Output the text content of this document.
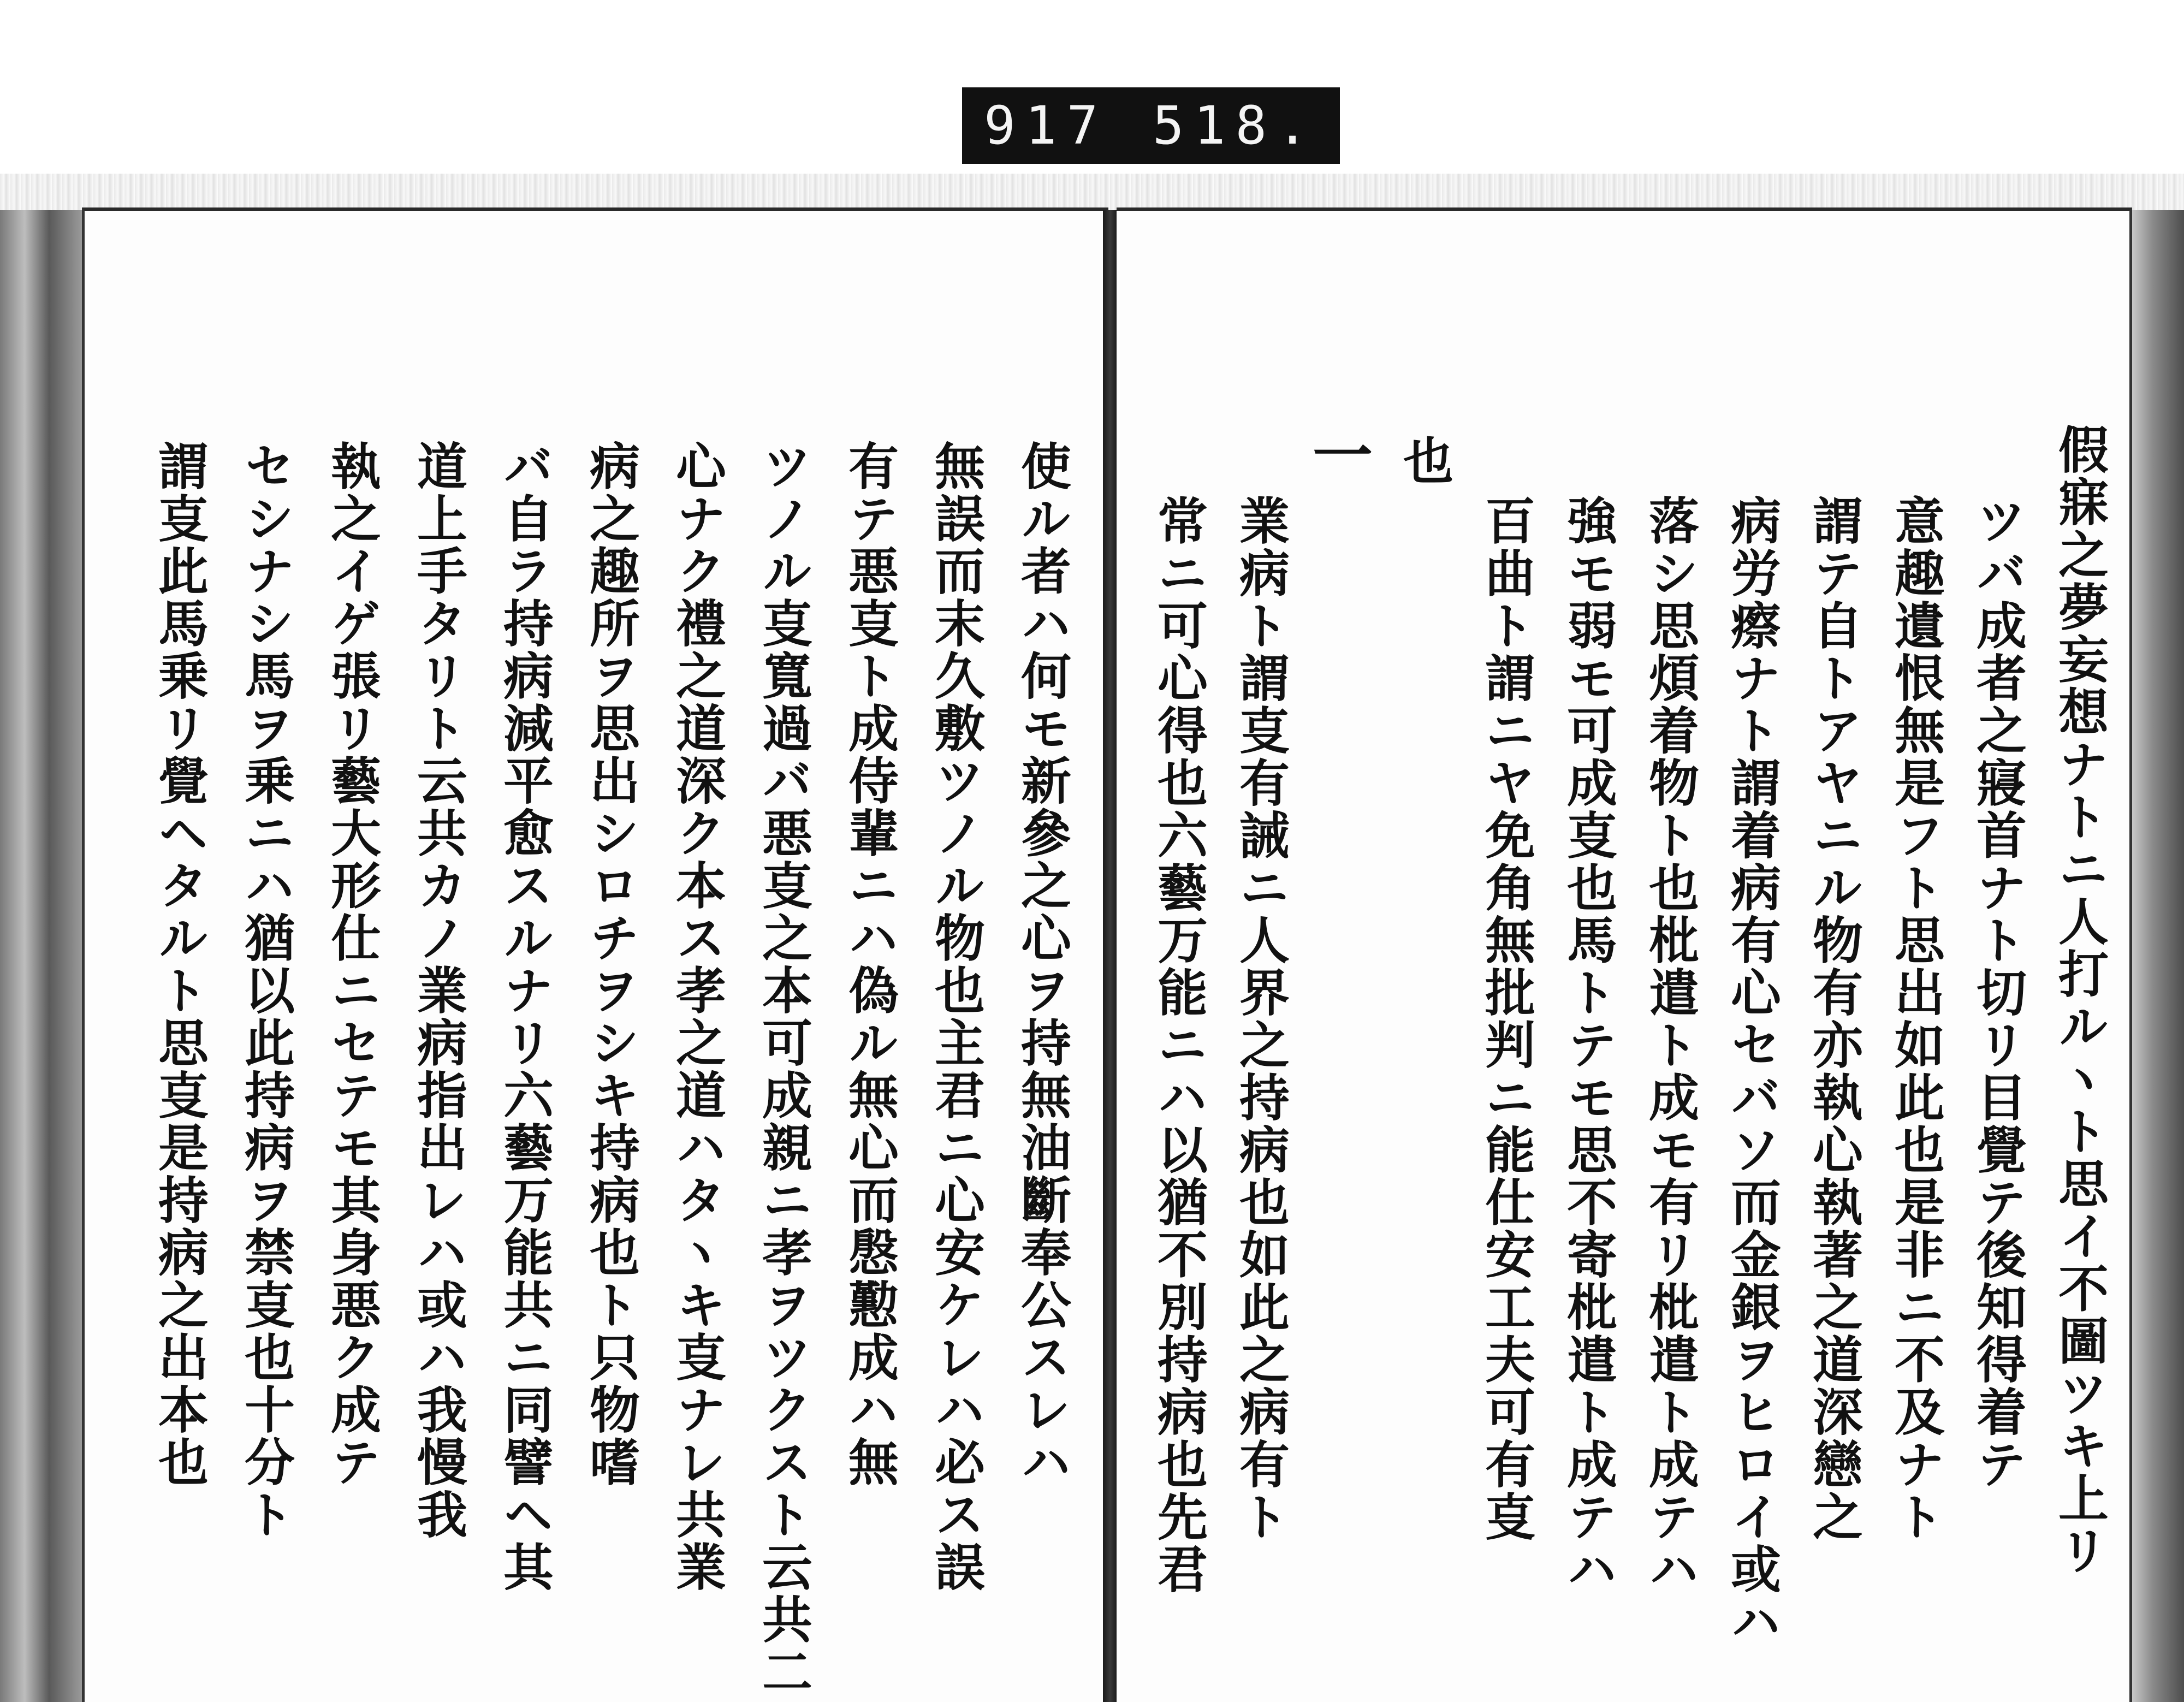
917 518.
使ル者ハ何モ新參之心ヲ持無油斷奉公スレハ
無誤而末久敷ツノル物也主君ニ心安ケレハ必ス誤
有テ悪㕝ト成侍輩ニハ偽ル無心而慇懃成ハ無
ツノル㕝寬過バ悪㕝之本可成親ニ孝ヲツクスト云共二
心ナク禮之道深ク本ス孝之道ハタヽキ㕝ナレ共業
病之趣所ヲ思出シロチヲシキ持病也ト只物嗜
バ自ラ持病減平愈スルナリ六藝万能共ニ同譬ヘ其
道上手タリト云共カノ業病指出レハ或ハ我慢我
執之イゲ張リ藝大形仕ニセテモ其身悪ク成テ
セシナシ馬ヲ乗ニハ猶以此持病ヲ禁㕝也十分ト
謂㕝此馬乗リ覺ヘタルト思㕝是持病之出本也	假寐之夢妄想ナトニ人打ルヽト思イ不圖ツキ上リ
ツバ成者之寢首ナト切リ目覺テ後知得着テ
意趣遺恨無是フト思出如此也是非ニ不及ナト
謂テ自トアヤニル物有亦執心執著之道深戀之
病労瘵ナト謂着病有心セバソ而金銀ヲヒロイ或ハ
落シ思煩着物ト也枇遣ト成モ有リ枇遣ト成テハ
強モ弱モ可成㕝也馬トテモ思不寄枇遣ト成テハ
百曲ト謂ニヤ免角無批判ニ能仕安工夫可有㕝
也
一
業病ト謂㕝有誡ニ人界之持病也如此之病有ト
常ニ可心得也六藝万能ニハ以猶不別持病也先君
